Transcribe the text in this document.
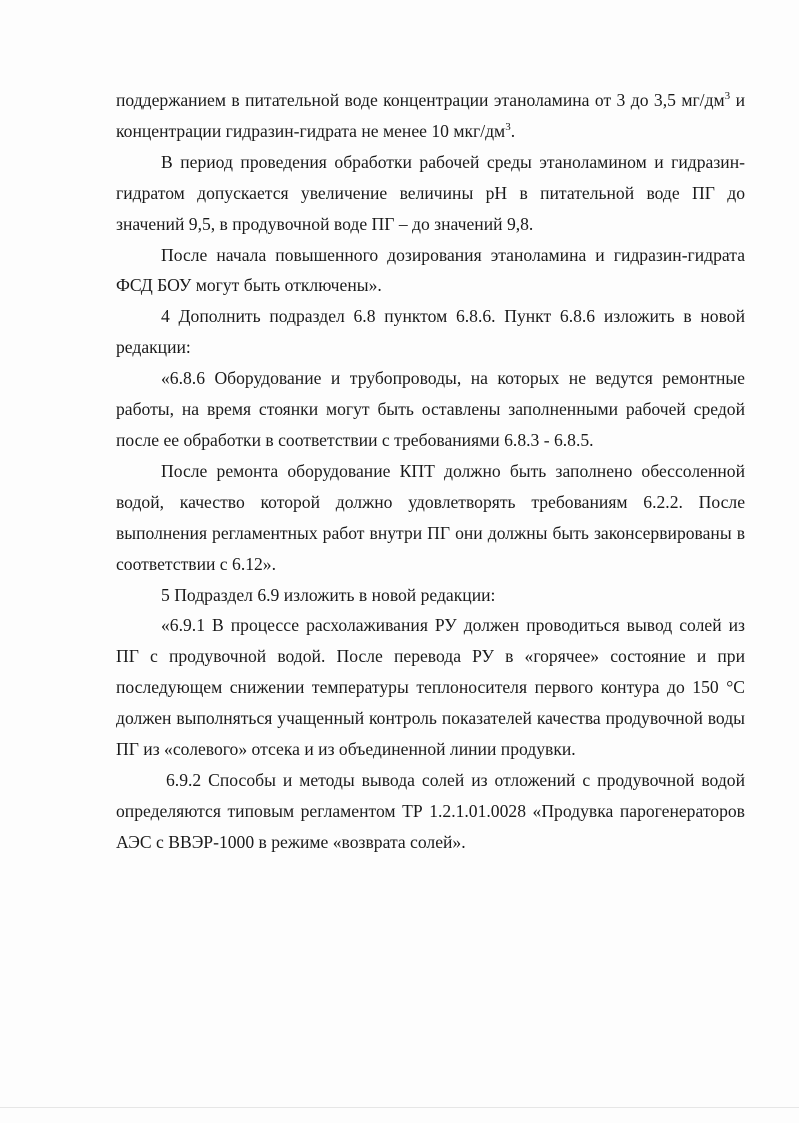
поддержанием в питательной воде концентрации этаноламина от 3 до 3,5 $мг/дм^3$ и концентрации гидразин-гидрата не менее 10 мкг/$дм^3$.

В период проведения обработки рабочей среды этаноламином и гидразин-гидратом допускается увеличение величины pH в питательной воде ПГ до значений 9,5, в продувочной воде ПГ – до значений 9,8.

После начала повышенного дозирования этаноламина и гидразин-гидрата ФСД БОУ могут быть отключены».

4 Дополнить подраздел 6.8 пунктом 6.8.6. Пункт 6.8.6 изложить в новой редакции:

«6.8.6 Оборудование и трубопроводы, на которых не ведутся ремонтные работы, на время стоянки могут быть оставлены заполненными рабочей средой после ее обработки в соответствии с требованиями 6.8.3 - 6.8.5.

После ремонта оборудование КПТ должно быть заполнено обессоленной водой, качество которой должно удовлетворять требованиям 6.2.2. После выполнения регламентных работ внутри ПГ они должны быть законсервированы в соответствии с 6.12».

5 Подраздел 6.9 изложить в новой редакции:

«6.9.1 В процессе расхолаживания РУ должен проводиться вывод солей из ПГ с продувочной водой. После перевода РУ в «горячее» состояние и при последующем снижении температуры теплоносителя первого контура до 150 °С должен выполняться учащенный контроль показателей качества продувочной воды ПГ из «солевого» отсека и из объединенной линии продувки.

6.9.2 Способы и методы вывода солей из отложений с продувочной водой определяются типовым регламентом ТР 1.2.1.01.0028 «Продувка парогенераторов АЭС с ВВЭР-1000 в режиме «возврата солей».
